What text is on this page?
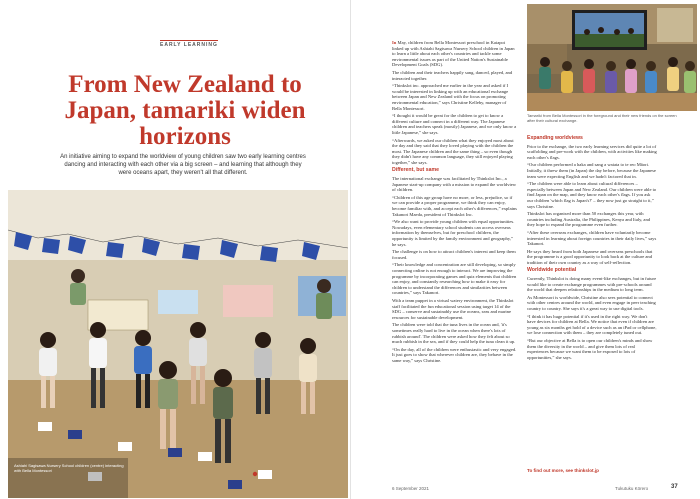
EARLY LEARNING
From New Zealand to Japan, tamariki widen horizons
An initiative aiming to expand the worldview of young children saw two early learning centres dancing and interacting with each other via a big screen – and learning that although they were oceans apart, they weren't all that different.
Ashiahi Sagisawa Nursery School children (centre) interacting with Bella Montessori

In May, children from Bella Montessori preschool in Kaiapoi linked up with Ashiahi Sagisawa Nursery School children in Japan to learn a little about each other's countries and tackle some environmental issues as part of the United Nation's Sustainable Development Goals (SDG).

The children and their teachers happily sang, danced, played, and interacted together.

“Thinkslot inc. approached me earlier in the year and asked if I would be interested in linking up with an educational exchange between Japan and New Zealand with the focus on promoting environmental education,” says Christine Kelleby, manager of Bella Montessori.

“I thought it would be great for the children to get to know a different culture and connect in a different way. The Japanese children and teachers speak (mostly) Japanese, and we only know a little Japanese,” she says.

“Afterwards, we asked our children what they enjoyed most about the day and they said that they loved playing with the children the most. The Japanese children and the same thing – so even though they didn't have any common language, they still enjoyed playing together,” she says.

Different, but same

The international exchange was facilitated by Thinkslot Inc., a Japanese start-up company with a mission to expand the worldview of children.

“Children of this age group have no more, or less, prejudice, so if we can provide a proper programme, we think they can enjoy, become familiar with, and accept each other's differences,” explains Takanori Maeda, president of Thinkslot Inc.

“We also want to provide young children with equal opportunities. Nowadays, even elementary school students can access overseas information by themselves, but for preschool children, the opportunity is limited by the family environment and geography,” he says.

The challenge is on how to attract children's interest and keep them focused.

“Their knowledge and concentration are still developing, so simply connecting online is not enough to interact. We are improving the programme by incorporating games and quiz elements that children can enjoy, and constantly researching how to make it easy for children to understand the differences and similarities between countries,” says Takanori.

With a team puppet in a virtual watery environment, the Thinkslot staff facilitated the fun educational session using target 14 of the SDG – conserve and sustainably use the oceans, seas and marine resources for sustainable development.

The children were told that the tuna lives in the ocean and, 'it's sometimes really hard to live in the ocean when there's lots of rubbish around'. The children were asked how they felt about so much rubbish in the sea, and if they could help the tuna clean it up.

“On the day, all of the children were enthusiastic and very engaged. It just goes to show that wherever children are, they behave in the same way,” says Christine.

Tamariki from Bella Montessori in the foreground and their new friends on the screen after their cultural exchange.
Expanding worldviews

Prior to the exchange, the two early learning services did quite a lot of scaffolding and pre-work with the children, with activities like making each other's flags.

“Our children performed a haka and sang a waiata to te reo Māori. Initially, it threw them (in Japan) the day before, because the Japanese team were expecting English and we hadn't factored that in.

“The children were able to learn about cultural differences – especially between Japan and New Zealand. Our children were able to find Japan on the map, and they know each other's flags. If you ask our children 'which flag is Japan's?' – they now just go straight to it,” says Christine.

Thinkslot has organised more than 50 exchanges this year, with countries including Australia, the Philippines, Kenya and Italy, and they hope to expand the programme even further.

“After these overseas exchanges, children have voluntarily become interested in learning about foreign countries in their daily lives,” says Takanori.

He says they heard from both Japanese and overseas preschools that the programme is a good opportunity to look back at the culture and tradition of their own country as a way of self-reflection.

Worldwide potential

Currently, Thinkslot is doing many event-like exchanges, but in future would like to create exchange programmes with pre-schools around the world that deepen relationships in the medium to long term.

As Montessori is worldwide, Christine also sees potential to connect with other centres around the world, and even engage in peer teaching country to country. She says it's a great way to use digital tools.

“I think it has huge potential if it's used in the right way. We don't have devices for children at Bella. We notice that even if children are young as six months get hold of a device such as an iPad or cellphone, we lose connection with them – they are completely tuned out.

“But our objective at Bella is to open our children's minds and show them the diversity in the world – and give them lots of real experiences because we want them to be exposed to lots of opportunities,” she says.

To find out more, see thinkslot.jp
6 September 2021	Tukutuku Kōrero	37
